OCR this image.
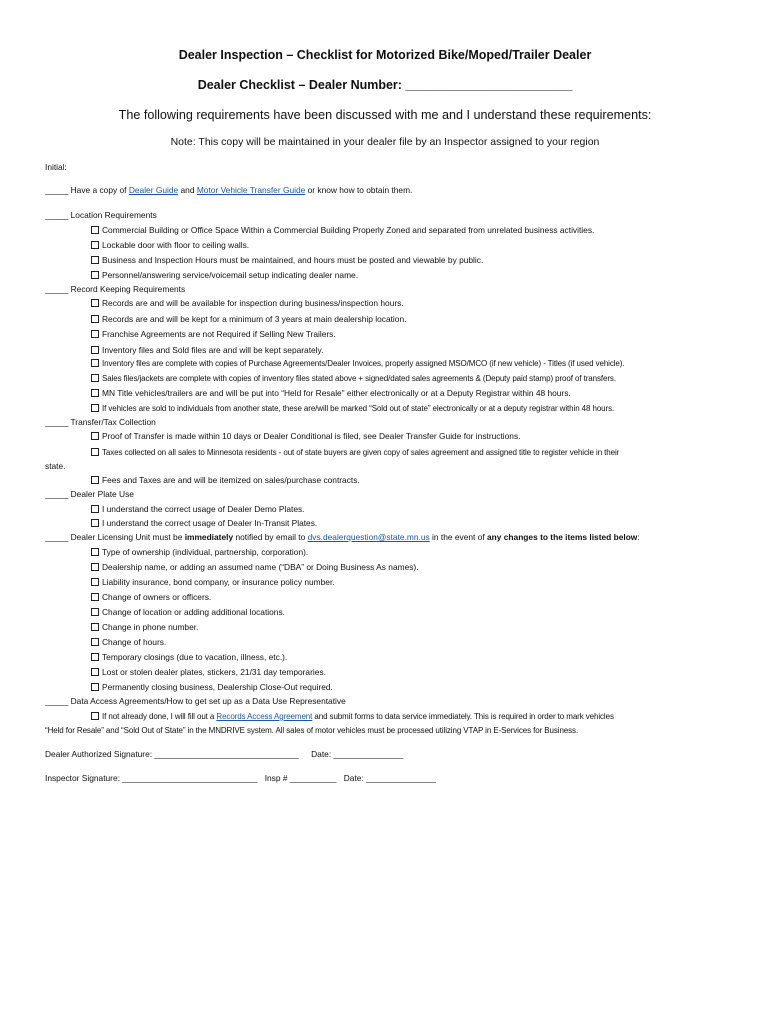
Dealer Inspection – Checklist for Motorized Bike/Moped/Trailer Dealer
Dealer Checklist – Dealer Number: ________________________
The following requirements have been discussed with me and I understand these requirements:
Note: This copy will be maintained in your dealer file by an Inspector assigned to your region
Initial:
_____ Have a copy of Dealer Guide and Motor Vehicle Transfer Guide or know how to obtain them.
_____ Location Requirements
Commercial Building or Office Space Within a Commercial Building Properly Zoned and separated from unrelated business activities.
Lockable door with floor to ceiling walls.
Business and Inspection Hours must be maintained, and hours must be posted and viewable by public.
Personnel/answering service/voicemail setup indicating dealer name.
_____ Record Keeping Requirements
Records are and will be available for inspection during business/inspection hours.
Records are and will be kept for a minimum of 3 years at main dealership location.
Franchise Agreements are not Required if Selling New Trailers.
Inventory files and Sold files are and will be kept separately.
Inventory files are complete with copies of Purchase Agreements/Dealer Invoices, properly assigned MSO/MCO (if new vehicle) - Titles (if used vehicle).
Sales files/jackets are complete with copies of inventory files stated above + signed/dated sales agreements & (Deputy paid stamp) proof of transfers.
MN Title vehicles/trailers are and will be put into “Held for Resale” either electronically or at a Deputy Registrar within 48 hours.
If vehicles are sold to individuals from another state, these are/will be marked “Sold out of state” electronically or at a deputy registrar within 48 hours.
_____ Transfer/Tax Collection
Proof of Transfer is made within 10 days or Dealer Conditional is filed, see Dealer Transfer Guide for instructions.
Taxes collected on all sales to Minnesota residents - out of state buyers are given copy of sales agreement and assigned title to register vehicle in their
state.
Fees and Taxes are and will be itemized on sales/purchase contracts.
_____ Dealer Plate Use
I understand the correct usage of Dealer Demo Plates.
I understand the correct usage of Dealer In-Transit Plates.
_____ Dealer Licensing Unit must be immediately notified by email to dvs.dealerquestion@state.mn.us in the event of any changes to the items listed below:
Type of ownership (individual, partnership, corporation).
Dealership name, or adding an assumed name (“DBA” or Doing Business As names).
Liability insurance, bond company, or insurance policy number.
Change of owners or officers.
Change of location or adding additional locations.
Change in phone number.
Change of hours.
Temporary closings (due to vacation, illness, etc.).
Lost or stolen dealer plates, stickers, 21/31 day temporaries.
Permanently closing business, Dealership Close-Out required.
_____ Data Access Agreements/How to get set up as a Data Use Representative
If not already done, I will fill out a Records Access Agreement and submit forms to data service immediately. This is required in order to mark vehicles
“Held for Resale” and “Sold Out of State” in the MNDRIVE system. All sales of motor vehicles must be processed utilizing VTAP in E-Services for Business.
Dealer Authorized Signature: _______________________________ Date: _______________
Inspector Signature: _____________________________ Insp # __________ Date: _______________
